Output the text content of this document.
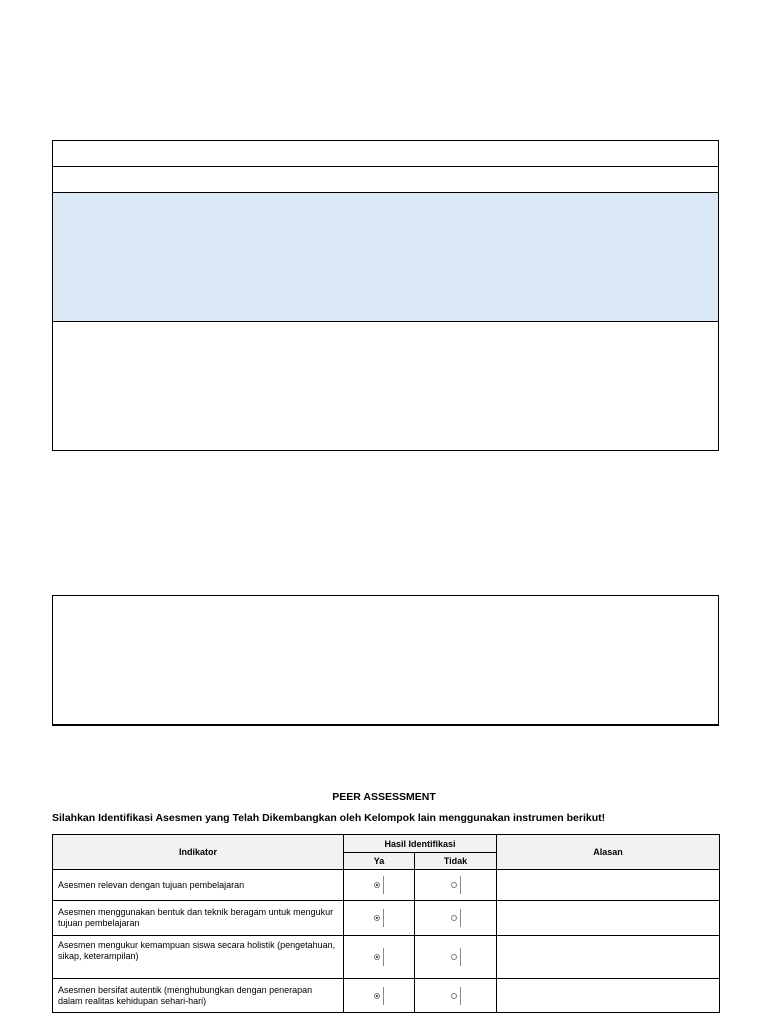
PEER ASSESSMENT
Silahkan Identifikasi Asesmen yang Telah Dikembangkan oleh Kelompok lain menggunakan instrumen berikut!
Indikator	Hasil Identifikasi		Alasan
	Ya	Tidak	
Asesmen relevan dengan tujuan pembelajaran			
Asesmen menggunakan bentuk dan teknik beragam untuk mengukur tujuan pembelajaran			
Asesmen mengukur kemampuan siswa secara holistik (pengetahuan, sikap, keterampilan)			
Asesmen bersifat autentik (menghubungkan dengan penerapan dalam realitas kehidupan sehari-hari)			
